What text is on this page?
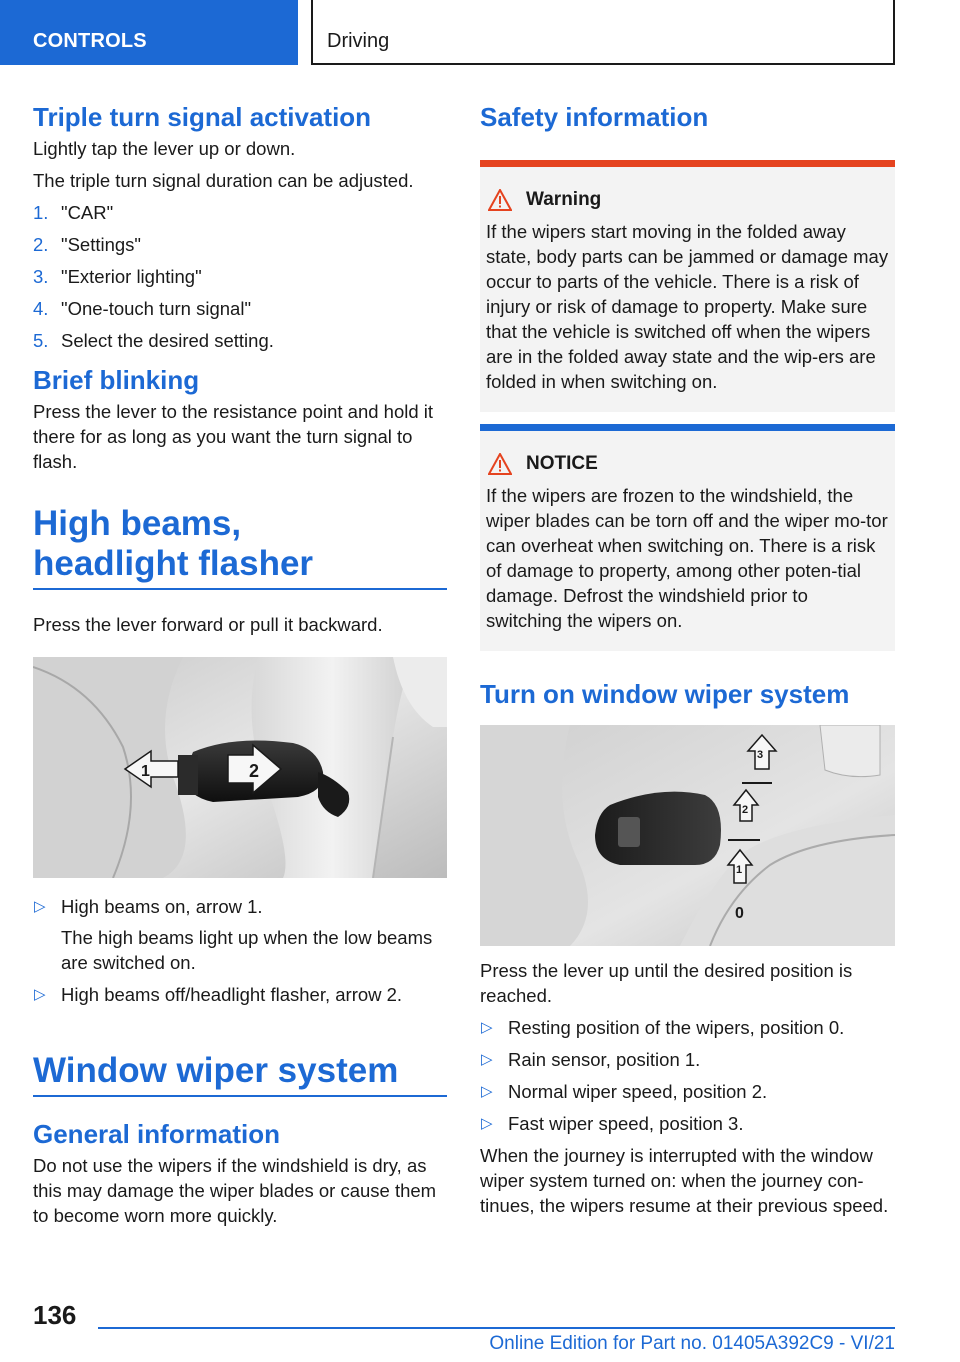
CONTROLS	Driving
Triple turn signal activation

Lightly tap the lever up or down.

The triple turn signal duration can be adjusted.

1. "CAR"
2. "Settings"
3. "Exterior lighting"
4. "One-touch turn signal"
5. Select the desired setting.
Brief blinking

Press the lever to the resistance point and hold it there for as long as you want the turn signal to flash.

High beams,
headlight flasher

Press the lever forward or pull it backward.

1	2
▷ High beams on, arrow 1.
The high beams light up when the low beams are switched on.
▷ High beams off/headlight flasher, arrow 2.
Window wiper system
General information

Do not use the wipers if the windshield is dry, as this may damage the wiper blades or cause them to become worn more quickly.

Safety information
Warning

If the wipers start moving in the folded away state, body parts can be jammed or damage may occur to parts of the vehicle. There is a risk of injury or risk of damage to property. Make sure that the vehicle is switched off when the wipers are in the folded away state and the wip-ers are folded in when switching on.

NOTICE

If the wipers are frozen to the windshield, the wiper blades can be torn off and the wiper mo-tor can overheat when switching on. There is a risk of damage to property, among other poten-tial damage. Defrost the windshield prior to switching the wipers on.

Turn on window wiper system
3
2
1
0

Press the lever up until the desired position is reached.

▷ Resting position of the wipers, position 0.
▷ Rain sensor, position 1.
▷ Normal wiper speed, position 2.
▷ Fast wiper speed, position 3.

When the journey is interrupted with the window wiper system turned on: when the journey con-tinues, the wipers resume at their previous speed.

136
Online Edition for Part no. 01405A392C9 - VI/21
